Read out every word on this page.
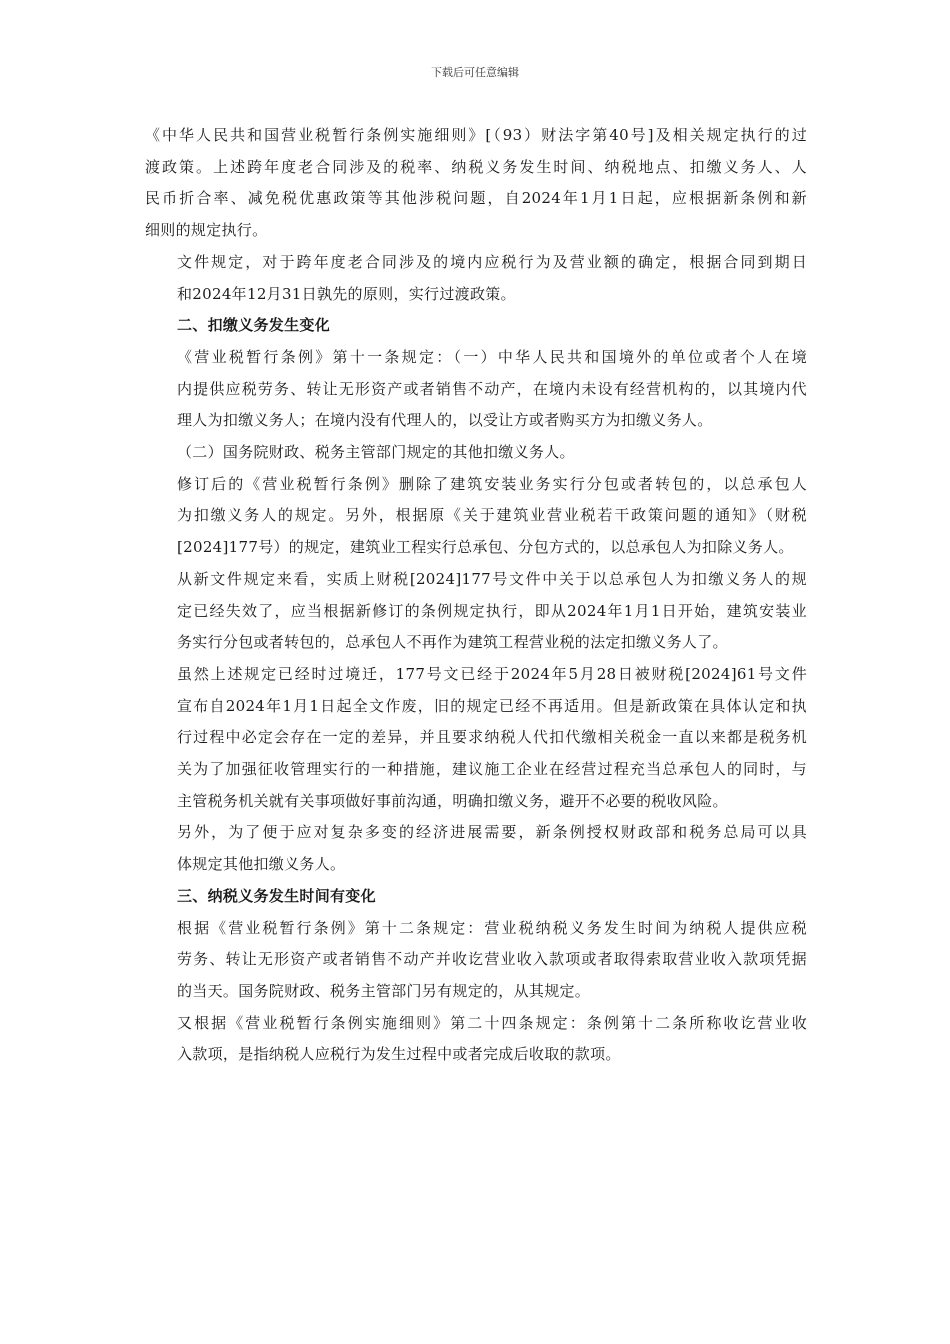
下载后可任意编辑

《中华人民共和国营业税暂行条例实施细则》[（93）财法字第40号]及相关规定执行的过
渡政策。上述跨年度老合同涉及的税率、纳税义务发生时间、纳税地点、扣缴义务人、人
民币折合率、减免税优惠政策等其他涉税问题，自2024年1月1日起，应根据新条例和新
细则的规定执行。

文件规定，对于跨年度老合同涉及的境内应税行为及营业额的确定，根据合同到期日
和2024年12月31日孰先的原则，实行过渡政策。

二、扣缴义务发生变化

《营业税暂行条例》第十一条规定：（一）中华人民共和国境外的单位或者个人在境
内提供应税劳务、转让无形资产或者销售不动产，在境内未设有经营机构的，以其境内代
理人为扣缴义务人；在境内没有代理人的，以受让方或者购买方为扣缴义务人。

（二）国务院财政、税务主管部门规定的其他扣缴义务人。

修订后的《营业税暂行条例》删除了建筑安装业务实行分包或者转包的，以总承包人
为扣缴义务人的规定。另外，根据原《关于建筑业营业税若干政策问题的通知》（财税
[2024]177号）的规定，建筑业工程实行总承包、分包方式的，以总承包人为扣除义务人。

从新文件规定来看，实质上财税[2024]177号文件中关于以总承包人为扣缴义务人的规
定已经失效了，应当根据新修订的条例规定执行，即从2024年1月1日开始，建筑安装业
务实行分包或者转包的，总承包人不再作为建筑工程营业税的法定扣缴义务人了。

虽然上述规定已经时过境迁，177号文已经于2024年5月28日被财税[2024]61号文件
宣布自2024年1月1日起全文作废，旧的规定已经不再适用。但是新政策在具体认定和执
行过程中必定会存在一定的差异，并且要求纳税人代扣代缴相关税金一直以来都是税务机
关为了加强征收管理实行的一种措施，建议施工企业在经营过程充当总承包人的同时，与
主管税务机关就有关事项做好事前沟通，明确扣缴义务，避开不必要的税收风险。

另外，为了便于应对复杂多变的经济进展需要，新条例授权财政部和税务总局可以具
体规定其他扣缴义务人。

三、纳税义务发生时间有变化

根据《营业税暂行条例》第十二条规定：营业税纳税义务发生时间为纳税人提供应税
劳务、转让无形资产或者销售不动产并收讫营业收入款项或者取得索取营业收入款项凭据
的当天。国务院财政、税务主管部门另有规定的，从其规定。

又根据《营业税暂行条例实施细则》第二十四条规定：条例第十二条所称收讫营业收
入款项，是指纳税人应税行为发生过程中或者完成后收取的款项。
